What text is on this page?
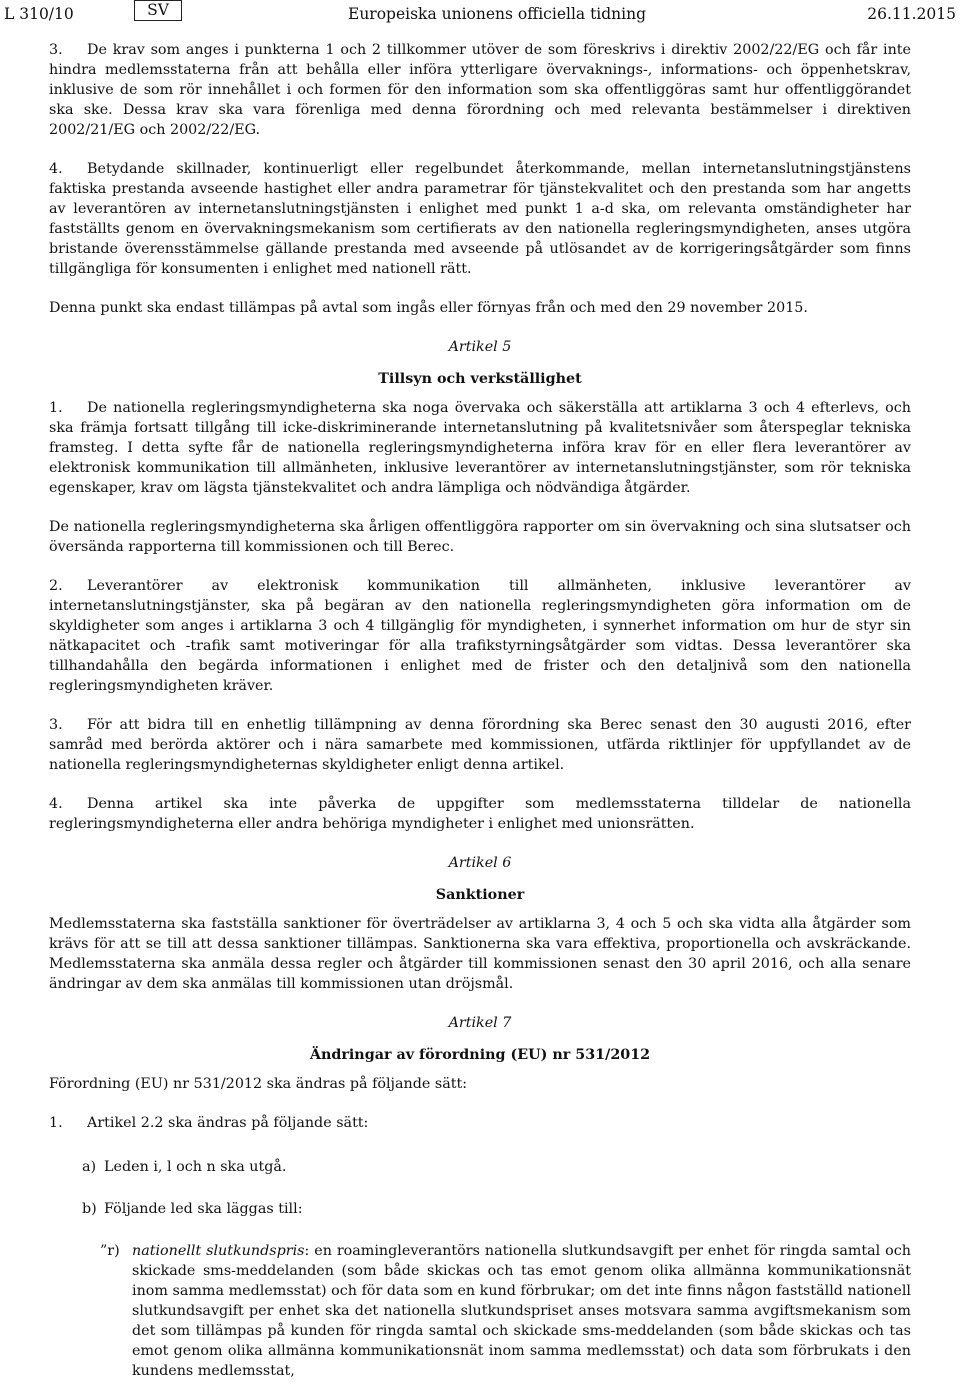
L 310/10	SV	Europeiska unionens officiella tidning	26.11.2015

3. De krav som anges i punkterna 1 och 2 tillkommer utöver de som föreskrivs i direktiv 2002/22/EG och får inte hindra medlemsstaterna från att behålla eller införa ytterligare övervaknings-, informations- och öppenhetskrav, inklusive de som rör innehållet i och formen för den information som ska offentliggöras samt hur offentliggörandet ska ske. Dessa krav ska vara förenliga med denna förordning och med relevanta bestämmelser i direktiven 2002/21/EG och 2002/22/EG.

4. Betydande skillnader, kontinuerligt eller regelbundet återkommande, mellan internetanslutningstjänstens faktiska prestanda avseende hastighet eller andra parametrar för tjänstekvalitet och den prestanda som har angetts av leverantören av internetanslutningstjänsten i enlighet med punkt 1 a-d ska, om relevanta omständigheter har fastställts genom en övervakningsmekanism som certifierats av den nationella regleringsmyndigheten, anses utgöra bristande överensstämmelse gällande prestanda med avseende på utlösandet av de korrigeringsåtgärder som finns tillgängliga för konsumenten i enlighet med nationell rätt.

Denna punkt ska endast tillämpas på avtal som ingås eller förnyas från och med den 29 november 2015.

Artikel 5
Tillsyn och verkställighet

1. De nationella regleringsmyndigheterna ska noga övervaka och säkerställa att artiklarna 3 och 4 efterlevs, och ska främja fortsatt tillgång till icke-diskriminerande internetanslutning på kvalitetsnivåer som återspeglar tekniska framsteg. I detta syfte får de nationella regleringsmyndigheterna införa krav för en eller flera leverantörer av elektronisk kommunikation till allmänheten, inklusive leverantörer av internetanslutningstjänster, som rör tekniska egenskaper, krav om lägsta tjänstekvalitet och andra lämpliga och nödvändiga åtgärder.

De nationella regleringsmyndigheterna ska årligen offentliggöra rapporter om sin övervakning och sina slutsatser och översända rapporterna till kommissionen och till Berec.

2. Leverantörer av elektronisk kommunikation till allmänheten, inklusive leverantörer av internetanslutningstjänster, ska på begäran av den nationella regleringsmyndigheten göra information om de skyldigheter som anges i artiklarna 3 och 4 tillgänglig för myndigheten, i synnerhet information om hur de styr sin nätkapacitet och -trafik samt motiveringar för alla trafikstyrningsåtgärder som vidtas. Dessa leverantörer ska tillhandahålla den begärda informationen i enlighet med de frister och den detaljnivå som den nationella regleringsmyndigheten kräver.

3. För att bidra till en enhetlig tillämpning av denna förordning ska Berec senast den 30 augusti 2016, efter samråd med berörda aktörer och i nära samarbete med kommissionen, utfärda riktlinjer för uppfyllandet av de nationella regleringsmyndigheternas skyldigheter enligt denna artikel.

4. Denna artikel ska inte påverka de uppgifter som medlemsstaterna tilldelar de nationella regleringsmyndigheterna eller andra behöriga myndigheter i enlighet med unionsrätten.

Artikel 6
Sanktioner

Medlemsstaterna ska fastställa sanktioner för överträdelser av artiklarna 3, 4 och 5 och ska vidta alla åtgärder som krävs för att se till att dessa sanktioner tillämpas. Sanktionerna ska vara effektiva, proportionella och avskräckande. Medlemsstaterna ska anmäla dessa regler och åtgärder till kommissionen senast den 30 april 2016, och alla senare ändringar av dem ska anmälas till kommissionen utan dröjsmål.

Artikel 7
Ändringar av förordning (EU) nr 531/2012

Förordning (EU) nr 531/2012 ska ändras på följande sätt:

1. Artikel 2.2 ska ändras på följande sätt:
a) Leden i, l och n ska utgå.
b) Följande led ska läggas till:
”r) nationellt slutkundspris: en roamingleverantörs nationella slutkundsavgift per enhet för ringda samtal och skickade sms-meddelanden (som både skickas och tas emot genom olika allmänna kommunikationsnät inom samma medlemsstat) och för data som en kund förbrukar; om det inte finns någon fastställd nationell slutkundsavgift per enhet ska det nationella slutkundspriset anses motsvara samma avgiftsmekanism som det som tillämpas på kunden för ringda samtal och skickade sms-meddelanden (som både skickas och tas emot genom olika allmänna kommunikationsnät inom samma medlemsstat) och data som förbrukats i den kundens medlemsstat,
